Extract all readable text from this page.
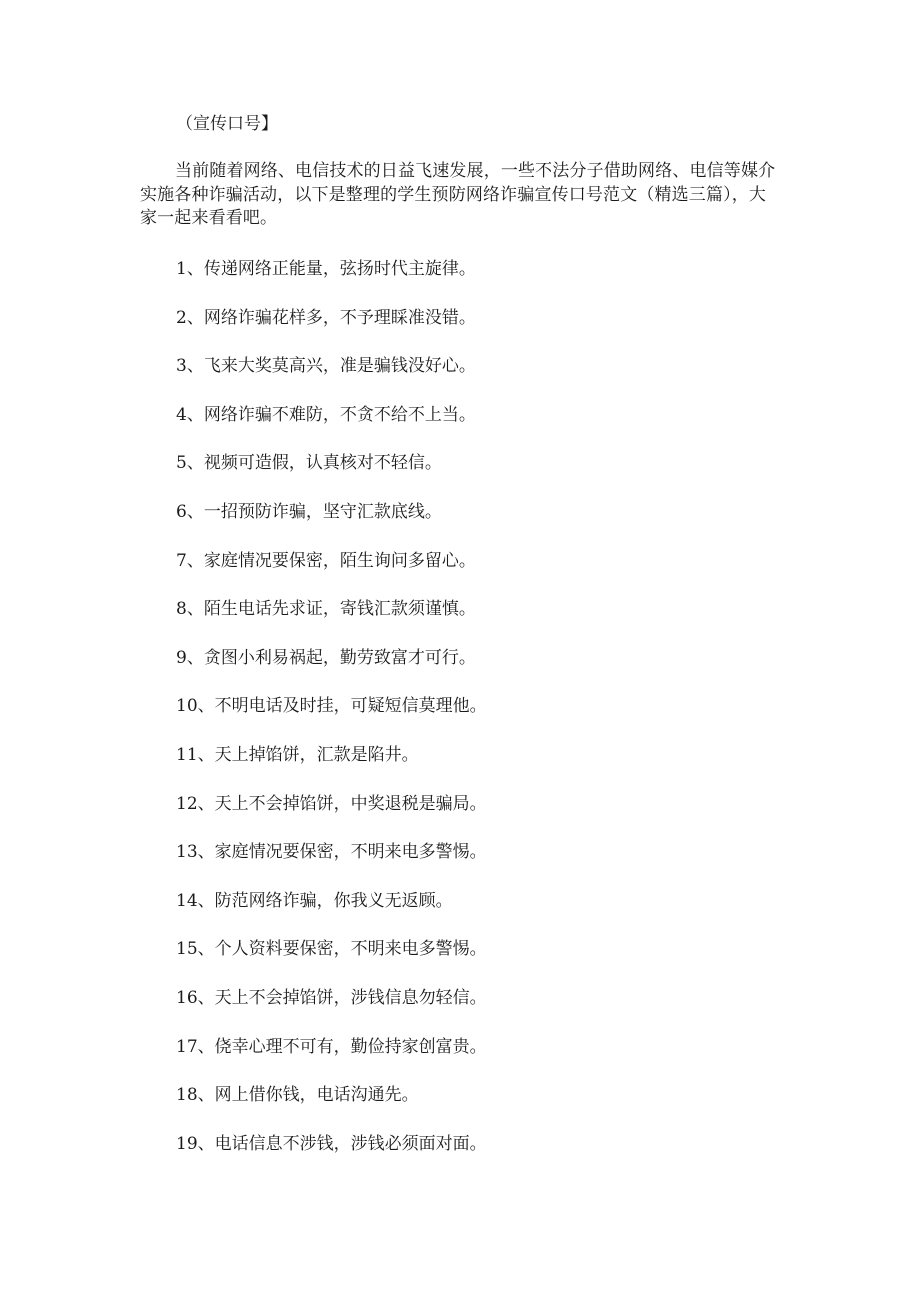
（宣传口号】

当前随着网络、电信技术的日益飞速发展，一些不法分子借助网络、电信等媒介实施各种诈骗活动，以下是整理的学生预防网络诈骗宣传口号范文（精选三篇），大家一起来看看吧。

1、传递网络正能量，弦扬时代主旋律。
2、网络诈骗花样多，不予理睬准没错。
3、飞来大奖莫高兴，准是骗钱没好心。
4、网络诈骗不难防，不贪不给不上当。
5、视频可造假，认真核对不轻信。
6、一招预防诈骗，坚守汇款底线。
7、家庭情况要保密，陌生询问多留心。
8、陌生电话先求证，寄钱汇款须谨慎。
9、贪图小利易祸起，勤劳致富才可行。
10、不明电话及时挂，可疑短信莫理他。
11、天上掉馅饼，汇款是陷井。
12、天上不会掉馅饼，中奖退税是骗局。
13、家庭情况要保密，不明来电多警惕。
14、防范网络诈骗，你我义无返顾。
15、个人资料要保密，不明来电多警惕。
16、天上不会掉馅饼，涉钱信息勿轻信。
17、侥幸心理不可有，勤俭持家创富贵。
18、网上借你钱，电话沟通先。
19、电话信息不涉钱，涉钱必须面对面。
